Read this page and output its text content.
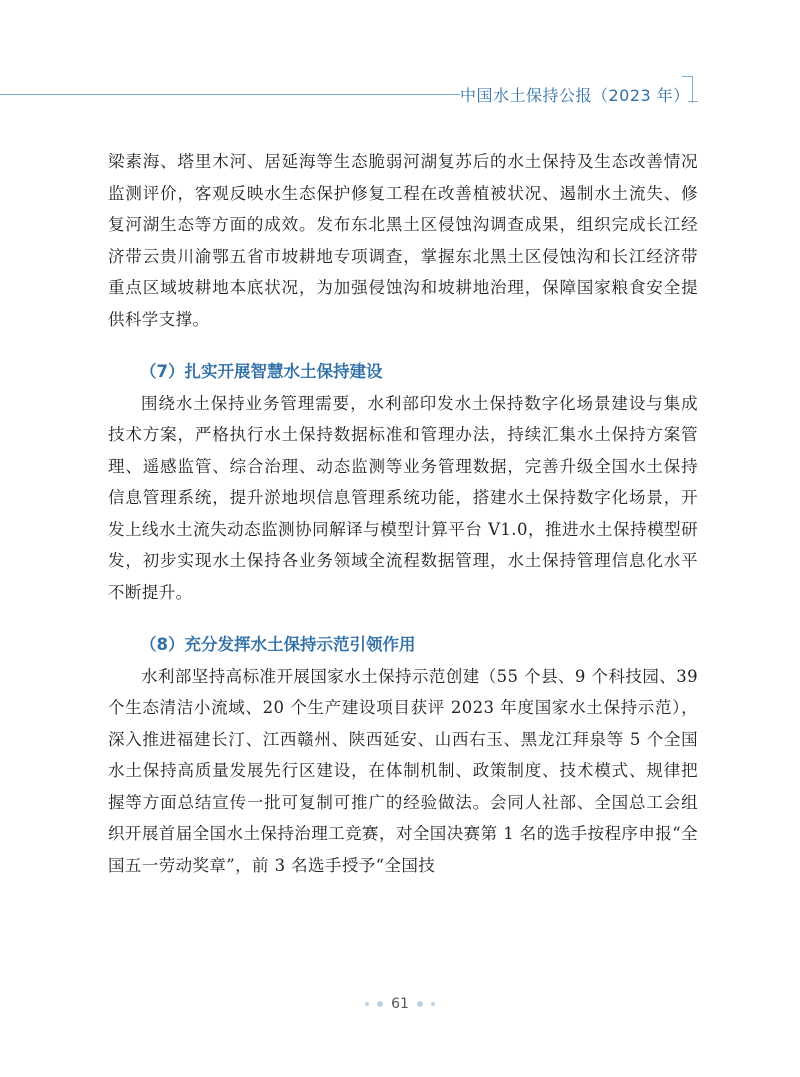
中国水土保持公报（2023 年）

梁素海、塔里木河、居延海等生态脆弱河湖复苏后的水土保持及生态改善情况监测评价，客观反映水生态保护修复工程在改善植被状况、遏制水土流失、修复河湖生态等方面的成效。发布东北黑土区侵蚀沟调查成果，组织完成长江经济带云贵川渝鄂五省市坡耕地专项调查，掌握东北黑土区侵蚀沟和长江经济带重点区域坡耕地本底状况，为加强侵蚀沟和坡耕地治理，保障国家粮食安全提供科学支撑。

（7）扎实开展智慧水土保持建设

围绕水土保持业务管理需要，水利部印发水土保持数字化场景建设与集成技术方案，严格执行水土保持数据标准和管理办法，持续汇集水土保持方案管理、遥感监管、综合治理、动态监测等业务管理数据，完善升级全国水土保持信息管理系统，提升淤地坝信息管理系统功能，搭建水土保持数字化场景，开发上线水土流失动态监测协同解译与模型计算平台 V1.0，推进水土保持模型研发，初步实现水土保持各业务领域全流程数据管理，水土保持管理信息化水平不断提升。

（8）充分发挥水土保持示范引领作用

水利部坚持高标准开展国家水土保持示范创建（55 个县、9 个科技园、39 个生态清洁小流域、20 个生产建设项目获评 2023 年度国家水土保持示范），深入推进福建长汀、江西赣州、陕西延安、山西右玉、黑龙江拜泉等 5 个全国水土保持高质量发展先行区建设，在体制机制、政策制度、技术模式、规律把握等方面总结宣传一批可复制可推广的经验做法。会同人社部、全国总工会组织开展首届全国水土保持治理工竞赛，对全国决赛第 1 名的选手按程序申报“全国五一劳动奖章”，前 3 名选手授予“全国技

61
